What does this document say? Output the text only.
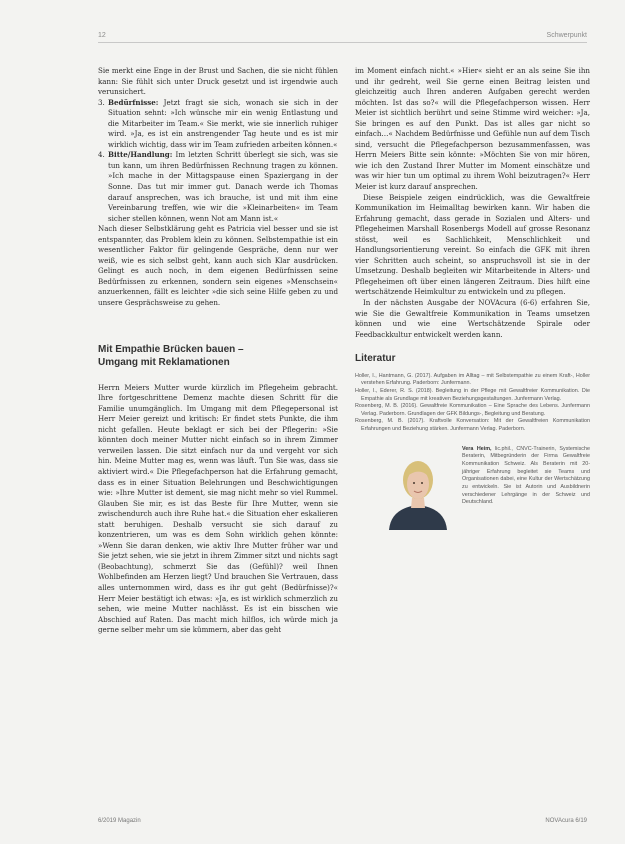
12	Schwerpunkt

Sie merkt eine Enge in der Brust und Sachen, die sie nicht fühlen kann: Sie fühlt sich unter Druck gesetzt und ist irgendwie auch verunsichert.

3. Bedürfnisse: Jetzt fragt sie sich, wonach sie sich in der Situation sehnt: »Ich wünsche mir ein wenig Entlastung und die Mitarbeiter im Team.« Sie merkt, wie sie innerlich ruhiger wird. »Ja, es ist ein anstrengender Tag heute und es ist mir wirklich wichtig, dass wir im Team zufrieden arbeiten können.«
4. Bitte/Handlung: Im letzten Schritt überlegt sie sich, was sie tun kann, um ihren Bedürfnissen Rechnung tragen zu können. »Ich mache in der Mittagspause einen Spaziergang in der Sonne. Das tut mir immer gut. Danach werde ich Thomas darauf ansprechen, was ich brauche, ist und mit ihm eine Vereinbarung treffen, wie wir die »Kleinarbeiten« im Team sicher stellen können, wenn Not am Mann ist.«

Nach dieser Selbstklärung geht es Patricia viel besser und sie ist entspannter, das Problem klein zu können. Selbstempathie ist ein wesentlicher Faktor für gelingende Gespräche, denn nur wer weiß, wie es sich selbst geht, kann auch sich Klar ausdrücken. Gelingt es auch noch, in dem eigenen Bedürfnissen seine Bedürfnissen zu erkennen, sondern sein eigenes »Menschsein« anzuerkennen, fällt es leichter »die sich seine Hilfe geben zu und unsere Gesprächsweise zu gehen.

Mit Empathie Brücken bauen –
Umgang mit Reklamationen

Herrn Meiers Mutter wurde kürzlich im Pflegeheim gebracht. Ihre fortgeschrittene Demenz machte diesen Schritt für die Familie unumgänglich. Im Umgang mit dem Pflegepersonal ist Herr Meier gereizt und kritisch: Er findet stets Punkte, die ihm nicht gefallen. Heute beklagt er sich bei der Pflegerin: »Sie könnten doch meiner Mutter nicht einfach so in ihrem Zimmer verweilen lassen. Die sitzt einfach nur da und vergeht vor sich hin. Meine Mutter mag es, wenn was läuft. Tun Sie was, dass sie aktiviert wird.« Die Pflegefachperson hat die Erfahrung gemacht, dass es in einer Situation Belehrungen und Beschwichtigungen wie: »Ihre Mutter ist dement, sie mag nicht mehr so viel Rummel. Glauben Sie mir, es ist das Beste für Ihre Mutter, wenn sie zwischendurch auch ihre Ruhe hat.« die Situation eher eskalieren statt beruhigen. Deshalb versucht sie sich darauf zu konzentrieren, um was es dem Sohn wirklich gehen könnte: »Wenn Sie daran denken, wie aktiv Ihre Mutter früher war und Sie jetzt sehen, wie sie jetzt in ihrem Zimmer sitzt und nichts sagt (Beobachtung), schmerzt Sie das (Gefühl)? weil Ihnen Wohlbefinden am Herzen liegt? Und brauchen Sie Vertrauen, dass alles unternommen wird, dass es ihr gut geht (Bedürfnisse)?« Herr Meier bestätigt ich etwas: »Ja, es ist wirklich schmerzlich zu sehen, wie meine Mutter nachlässt. Es ist ein bisschen wie Abschied auf Raten. Das macht mich hilflos, ich würde mich ja gerne selber mehr um sie kümmern, aber das geht

im Moment einfach nicht.« »Hier« sieht er an als seine Sie ihn und ihr gedreht, weil Sie gerne einen Beitrag leisten und gleichzeitig auch Ihren anderen Aufgaben gerecht werden möchten. Ist das so?« will die Pflegefachperson wissen. Herr Meier ist sichtlich berührt und seine Stimme wird weicher: »Ja, Sie bringen es auf den Punkt. Das ist alles gar nicht so einfach…« Nachdem Bedürfnisse und Gefühle nun auf dem Tisch sind, versucht die Pflegefachperson bezusammenfassen, was Herrn Meiers Bitte sein könnte: »Möchten Sie von mir hören, wie ich den Zustand Ihrer Mutter im Moment einschätze und was wir hier tun um optimal zu ihrem Wohl beizutragen?« Herr Meier ist kurz darauf ansprechen.

Diese Beispiele zeigen eindrücklich, was die Gewaltfreie Kommunikation im Heimalltag bewirken kann. Wir haben die Erfahrung gemacht, dass gerade in Sozialen und Alters- und Pflegeheimen Marshall Rosenbergs Modell auf grosse Resonanz stösst, weil es Sachlichkeit, Menschlichkeit und Handlungsorientierung vereint. So einfach die GFK mit ihren vier Schritten auch scheint, so anspruchsvoll ist sie in der Umsetzung. Deshalb begleiten wir Mitarbeitende in Alters- und Pflegeheimen oft über einen längeren Zeitraum. Dies hilft eine wertschätzende Heimkultur zu entwickeln und zu pflegen.

In der nächsten Ausgabe der NOVAcura (6-6) erfahren Sie, wie Sie die Gewaltfreie Kommunikation in Teams umsetzen können und wie eine Wertschätzende Spirale oder Feedbackkultur entwickelt werden kann.

Literatur

Holler, I., Hantmann, G. (2017). Aufgaben im Alltag – mit Selbstempathie zu einem Kraft-, Holler verstehen Erfahrung. Paderborn: Junfermann.

Holler, I., Ederer, R. S. (2018). Begleitung in der Pflege mit Gewaltfreier Kommunikation. Die Empathie als Grundlage mit kreativen Beziehungsgestaltungen. Junfermann Verlag.

Rosenberg, M. B. (2016). Gewaltfreie Kommunikation – Eine Sprache des Lebens. Junfermann Verlag. Paderborn. Grundlagen der GFK Bildungs-, Begleitung und Beratung.

Rosenberg, M. B. (2017). Kraftvolle Konversation: Mit der Gewaltfreien Kommunikation Erfahrungen und Beziehung stärken. Junfermann Verlag. Paderborn.

Vera Heim, lic.phil., CNVC-Trainerin, Systemische Beraterin, Mitbegründerin der Firma Gewaltfreie Kommunikation Schweiz. Als Beraterin mit 20-jähriger Erfahrung begleitet sie Teams und Organisationen dabei, eine Kultur der Wertschätzung zu entwickeln. Sie ist Autorin und Ausbildnerin verschiedener Lehrgänge in der Schweiz und Deutschland.
6/2019 Magazin	NOVAcura 6/19
